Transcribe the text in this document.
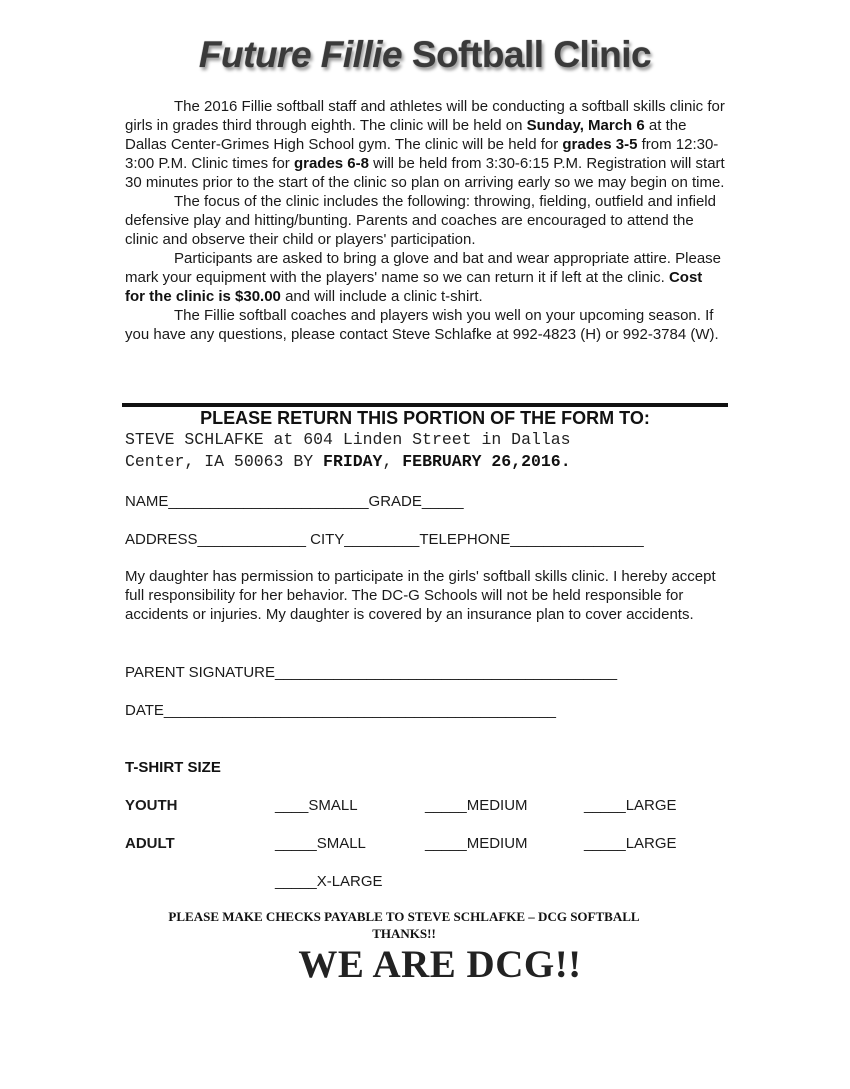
Future Fillie Softball Clinic

The 2016 Fillie softball staff and athletes will be conducting a softball skills clinic for girls in grades third through eighth. The clinic will be held on Sunday, March 6 at the Dallas Center-Grimes High School gym. The clinic will be held for grades 3-5 from 12:30-3:00 P.M. Clinic times for grades 6-8 will be held from 3:30-6:15 P.M. Registration will start 30 minutes prior to the start of the clinic so plan on arriving early so we may begin on time.

The focus of the clinic includes the following: throwing, fielding, outfield and infield defensive play and hitting/bunting. Parents and coaches are encouraged to attend the clinic and observe their child or players' participation.

Participants are asked to bring a glove and bat and wear appropriate attire. Please mark your equipment with the players' name so we can return it if left at the clinic. Cost for the clinic is $30.00 and will include a clinic t-shirt.

The Fillie softball coaches and players wish you well on your upcoming season. If you have any questions, please contact Steve Schlafke at 992-4823 (H) or 992-3784 (W).

PLEASE RETURN THIS PORTION OF THE FORM TO:
STEVE SCHLAFKE at 604 Linden Street in Dallas
Center, IA 50063 BY FRIDAY, FEBRUARY 26,2016.
NAME________________________GRADE_____
ADDRESS_____________ CITY_________TELEPHONE________________

My daughter has permission to participate in the girls' softball skills clinic. I hereby accept full responsibility for her behavior. The DC-G Schools will not be held responsible for accidents or injuries. My daughter is covered by an insurance plan to cover accidents.

PARENT SIGNATURE_________________________________________
DATE_______________________________________________
T-SHIRT SIZE
YOUTH	____SMALL	_____MEDIUM	_____LARGE
ADULT	_____SMALL	_____MEDIUM	_____LARGE
_____X-LARGE
PLEASE MAKE CHECKS PAYABLE TO STEVE SCHLAFKE – DCG SOFTBALL
THANKS!!
WE ARE DCG!!
